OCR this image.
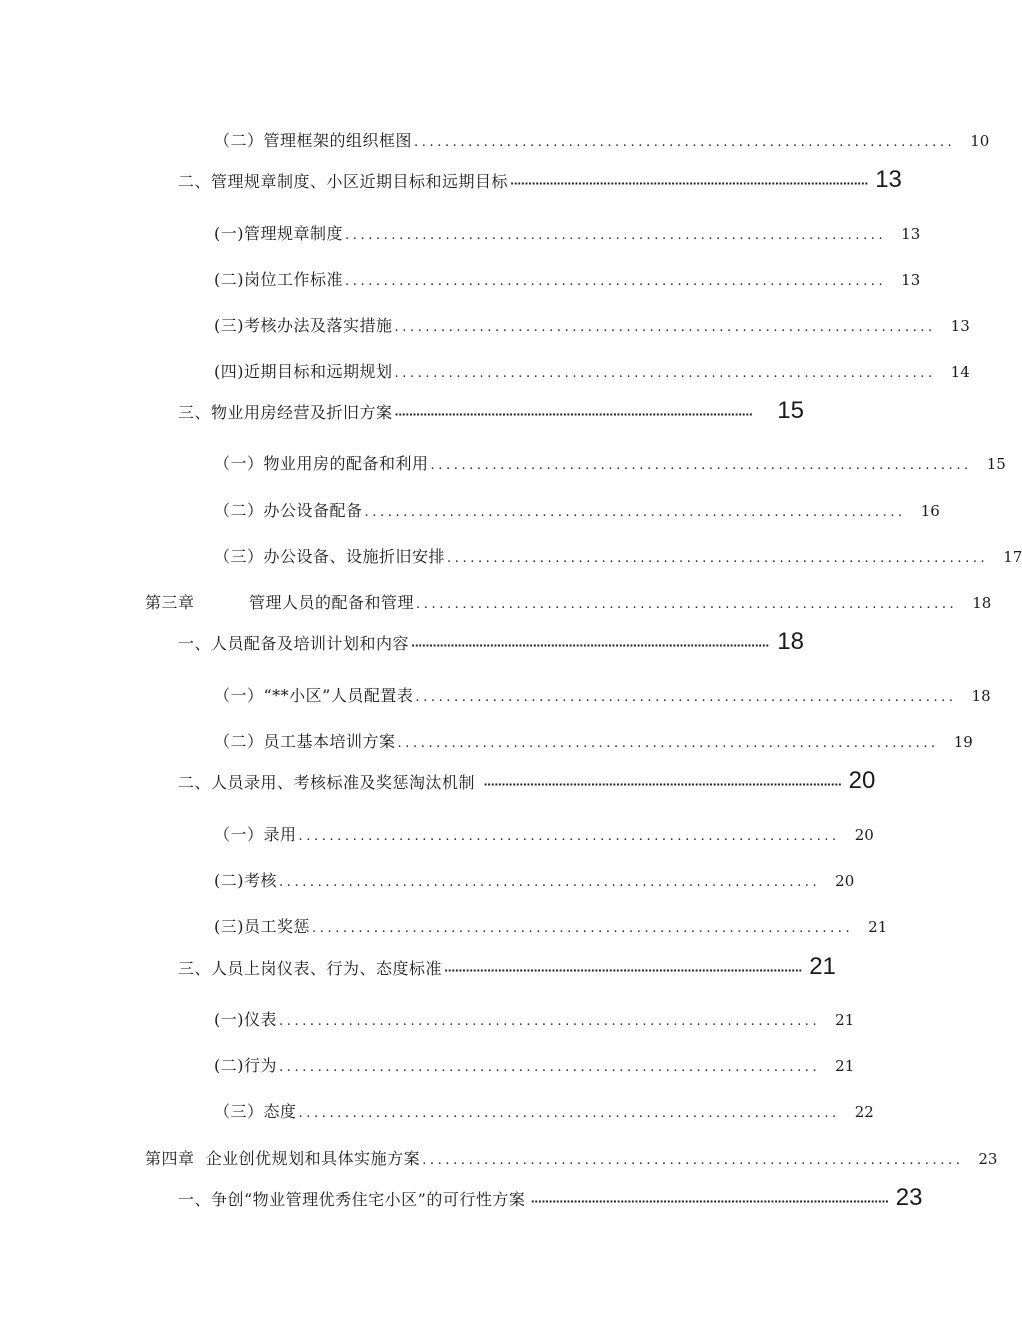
（二）管理框架的组织框图 ...................................................................... 10
二、管理规章制度、小区近期目标和远期目标 ···································································································· 13
(一)管理规章制度 ...................................................................... 13
(二)岗位工作标准 ...................................................................... 13
(三)考核办法及落实措施 ...................................................................... 13
(四)近期目标和远期规划 ...................................................................... 14
三、物业用房经营及折旧方案 ····································································································	15
（一）物业用房的配备和利用 ...................................................................... 15
（二）办公设备配备 ...................................................................... 16
（三）办公设备、设施折旧安排 ...................................................................... 17
第三章	管理人员的配备和管理 ...................................................................... 18
一、人员配备及培训计划和内容 ···································································································· 18
（一）“**小区”人员配置表 ...................................................................... 18
（二）员工基本培训方案 ...................................................................... 19
二、人员录用、考核标准及奖惩淘汰机制 ···································································································· 20
（一）录用 ...................................................................... 20
(二)考核 ...................................................................... 20
(三)员工奖惩 ...................................................................... 21
三、人员上岗仪表、行为、态度标准 ···································································································· 21
(一)仪表 ...................................................................... 21
(二)行为 ...................................................................... 21
（三）态度 ...................................................................... 22
第四章  企业创优规划和具体实施方案 ...................................................................... 23
一、争创“物业管理优秀住宅小区”的可行性方案 ···································································································· 23
